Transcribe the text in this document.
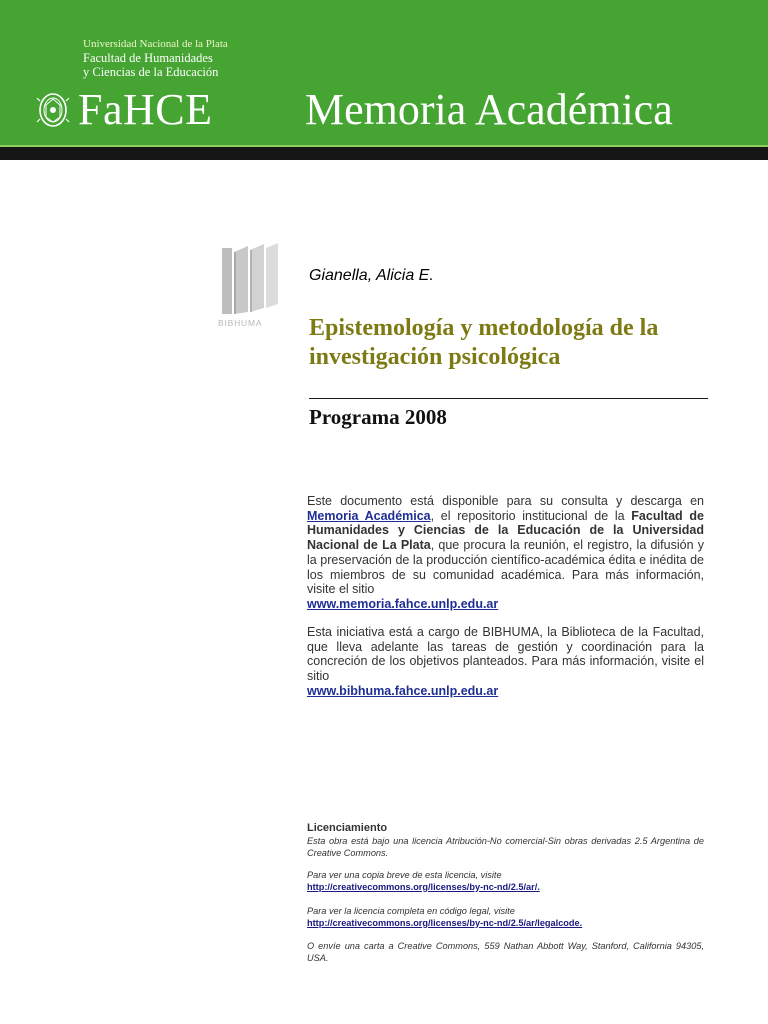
Universidad Nacional de la Plata
Facultad de Humanidades
y Ciencias de la Educación
FaHCE Memoria Académica
BIBHUMA
Gianella, Alicia E.
Epistemología y metodología de la investigación psicológica
Programa 2008
Este documento está disponible para su consulta y descarga en Memoria Académica, el repositorio institucional de la Facultad de Humanidades y Ciencias de la Educación de la Universidad Nacional de La Plata, que procura la reunión, el registro, la difusión y la preservación de la producción científico-académica édita e inédita de los miembros de su comunidad académica. Para más información, visite el sitio
www.memoria.fahce.unlp.edu.ar
Esta iniciativa está a cargo de BIBHUMA, la Biblioteca de la Facultad, que lleva adelante las tareas de gestión y coordinación para la concreción de los objetivos planteados. Para más información, visite el sitio
www.bibhuma.fahce.unlp.edu.ar
Licenciamiento
Esta obra está bajo una licencia Atribución-No comercial-Sin obras derivadas 2.5 Argentina de Creative Commons.
Para ver una copia breve de esta licencia, visite
http://creativecommons.org/licenses/by-nc-nd/2.5/ar/.
Para ver la licencia completa en código legal, visite
http://creativecommons.org/licenses/by-nc-nd/2.5/ar/legalcode.
O envíe una carta a Creative Commons, 559 Nathan Abbott Way, Stanford, California 94305, USA.
